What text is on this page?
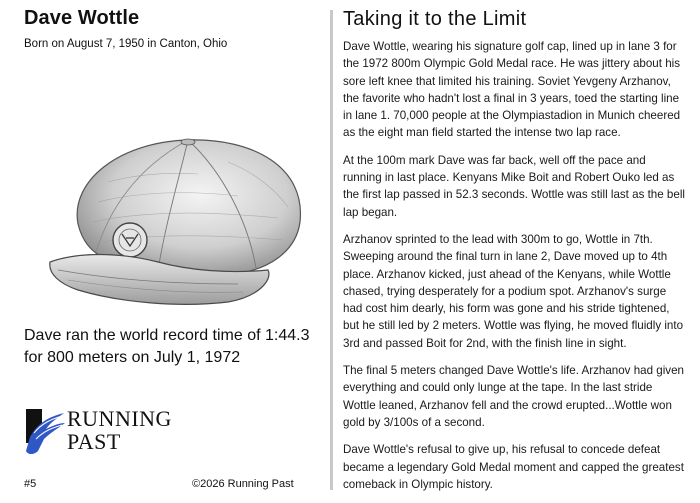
Dave Wottle
Born on August 7, 1950 in Canton, Ohio
Dave ran the world record time of 1:44.3 for 800 meters on July 1, 1972
RUNNING
PAST
#5	©2026 Running Past
Taking it to the Limit

Dave Wottle, wearing his signature golf cap, lined up in lane 3 for the 1972 800m Olympic Gold Medal race. He was jittery about his sore left knee that limited his training. Soviet Yevgeny Arzhanov, the favorite who hadn't lost a final in 3 years, toed the starting line in lane 1. 70,000 people at the Olympiastadion in Munich cheered as the eight man field started the intense two lap race.

At the 100m mark Dave was far back, well off the pace and running in last place. Kenyans Mike Boit and Robert Ouko led as the first lap passed in 52.3 seconds. Wottle was still last as the bell lap began.

Arzhanov sprinted to the lead with 300m to go, Wottle in 7th. Sweeping around the final turn in lane 2, Dave moved up to 4th place. Arzhanov kicked, just ahead of the Kenyans, while Wottle chased, trying desperately for a podium spot. Arzhanov's surge had cost him dearly, his form was gone and his stride tightened, but he still led by 2 meters. Wottle was flying, he moved fluidly into 3rd and passed Boit for 2nd, with the finish line in sight.

The final 5 meters changed Dave Wottle's life. Arzhanov had given everything and could only lunge at the tape. In the last stride Wottle leaned, Arzhanov fell and the crowd erupted...Wottle won gold by 3/100s of a second.

Dave Wottle's refusal to give up, his refusal to concede defeat became a legendary Gold Medal moment and capped the greatest comeback in Olympic history.
